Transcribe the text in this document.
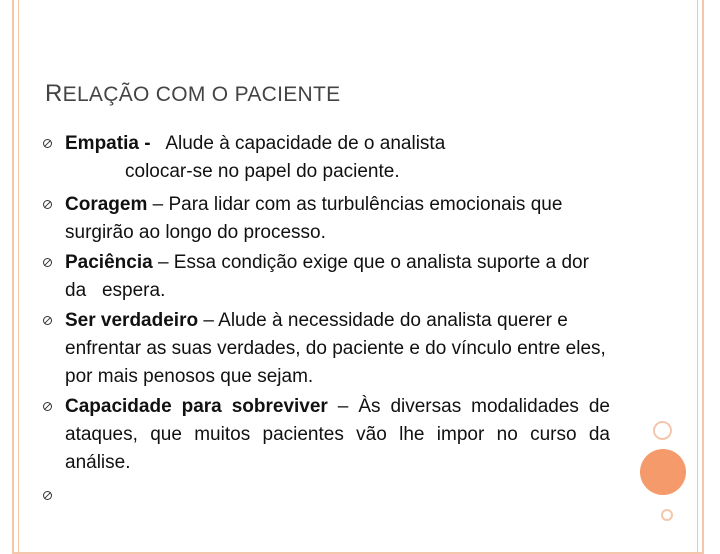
RELAÇÃO COM O PACIENTE
Empatia -   Alude à capacidade de o analista
colocar-se no papel do paciente.
Coragem – Para lidar com as turbulências emocionais que surgirão ao longo do processo.
Paciência – Essa condição exige que o analista suporte a dor da   espera.
Ser verdadeiro – Alude à necessidade do analista querer e enfrentar as suas verdades, do paciente e do vínculo entre eles, por mais penosos que sejam.
Capacidade para sobreviver – Às diversas modalidades de ataques, que muitos pacientes vão lhe impor no curso da análise.
